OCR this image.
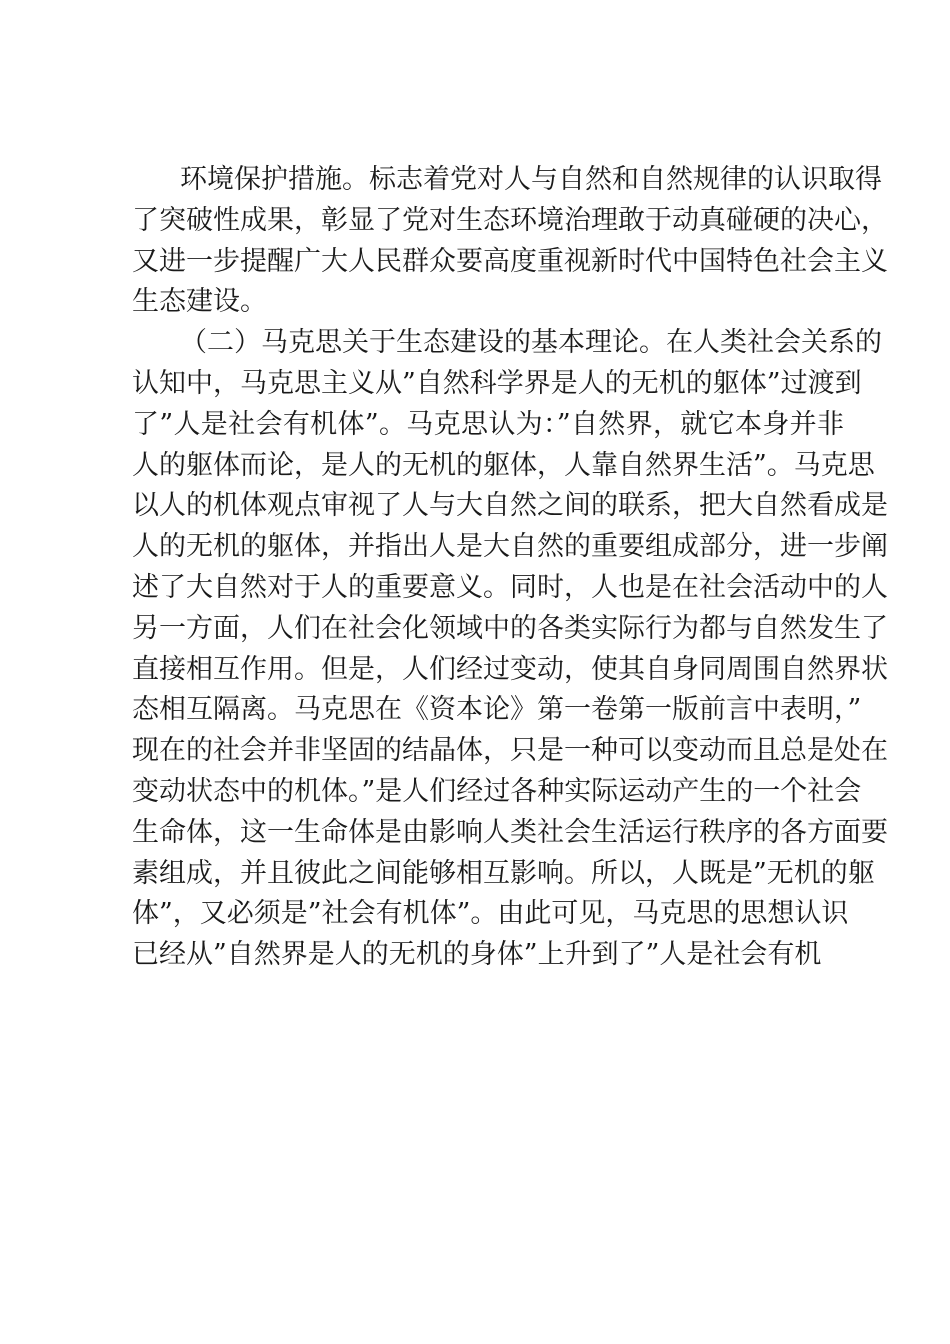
环境保护措施。标志着党对人与自然和自然规律的认识取得
了突破性成果，彰显了党对生态环境治理敢于动真碰硬的决心，
又进一步提醒广大人民群众要高度重视新时代中国特色社会主义
生态建设。
（二）马克思关于生态建设的基本理论。在人类社会关系的
认知中，马克思主义从”自然科学界是人的无机的躯体”过渡到
了”人是社会有机体”。马克思认为：”自然界，就它本身并非
人的躯体而论，是人的无机的躯体，人靠自然界生活”。马克思
以人的机体观点审视了人与大自然之间的联系，把大自然看成是
人的无机的躯体，并指出人是大自然的重要组成部分，进一步阐
述了大自然对于人的重要意义。同时，人也是在社会活动中的人
另一方面，人们在社会化领域中的各类实际行为都与自然发生了
直接相互作用。但是，人们经过变动，使其自身同周围自然界状
态相互隔离。马克思在《资本论》第一卷第一版前言中表明，”
现在的社会并非坚固的结晶体，只是一种可以变动而且总是处在
变动状态中的机体。”是人们经过各种实际运动产生的一个社会
生命体，这一生命体是由影响人类社会生活运行秩序的各方面要
素组成，并且彼此之间能够相互影响。所以，人既是”无机的躯
体”，又必须是”社会有机体”。由此可见，马克思的思想认识
已经从”自然界是人的无机的身体”上升到了”人是社会有机
